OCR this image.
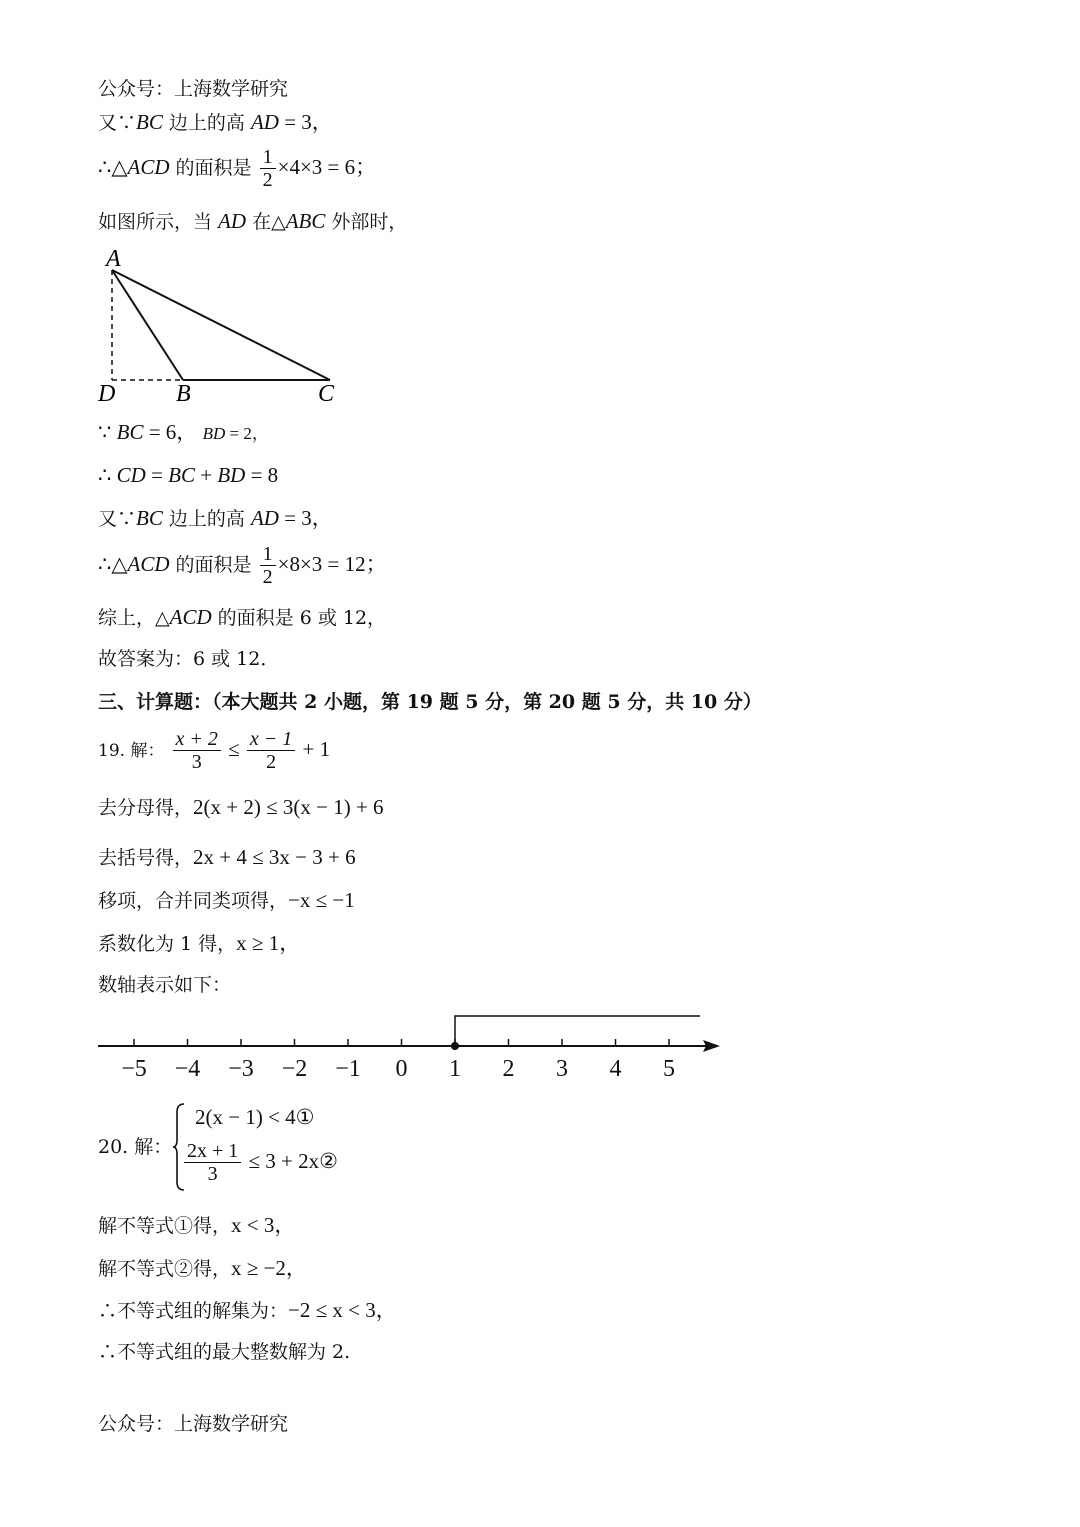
公众号：上海数学研究
又∵BC 边上的高 AD = 3，
∴△ACD 的面积是 $\frac{1}{2} \times 4\times 3 = 6$；
如图所示，当 AD 在△ABC 外部时，
A
D	B	C
∵ BC = 6， BD = 2，
∴ CD = BC + BD = 8
又∵BC 边上的高 AD = 3，
∴△ACD 的面积是 $\frac{1}{2} \times 8\times 3 = 12$；
综上，△ACD 的面积是 6 或 12，
故答案为：6 或 12．
三、计算题：（本大题共 2 小题，第 19 题 5 分，第 20 题 5 分，共 10 分）
19. 解： $\frac{x + 2}{3} \le \frac{x - 1}{2} + 1$
去分母得，2(x + 2) ≤ 3(x − 1) + 6
去括号得，2x + 4 ≤ 3x − 3 + 6
移项，合并同类项得，−x ≤ −1
系数化为 1 得，x ≥ 1，
数轴表示如下：
−5 −4 −3 −2 −1 0 1 2 3 4 5
20. 解：
2(x − 1) < 4①
$\frac{2x + 1}{3} \le 3$ + 2x②
解不等式①得，x < 3，
解不等式②得，x ≥ −2，
∴不等式组的解集为：−2 ≤ x < 3，
∴不等式组的最大整数解为 2.
公众号：上海数学研究
